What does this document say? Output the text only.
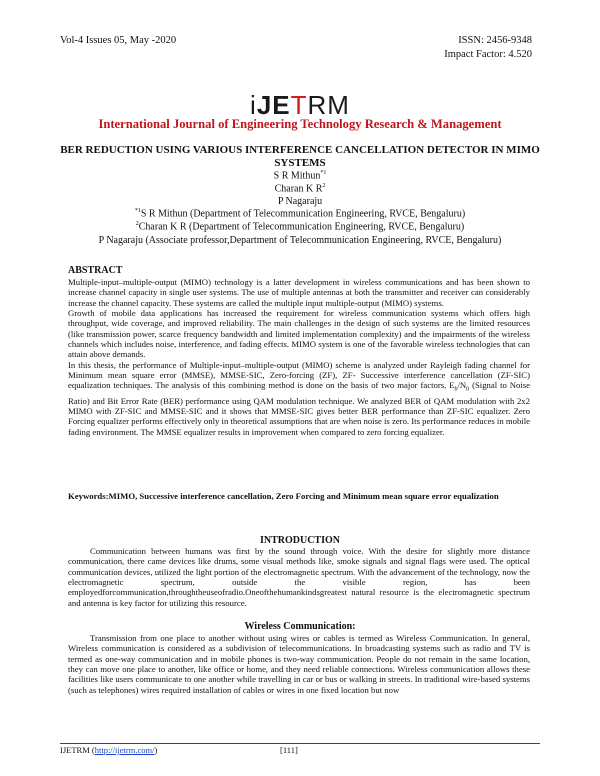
Vol-4 Issues 05, May -2020	ISSN: 2456-9348
Impact Factor: 4.520
iJETRM
International Journal of Engineering Technology Research & Management
BER REDUCTION USING VARIOUS INTERFERENCE CANCELLATION DETECTOR IN MIMO SYSTEMS
S R Mithun$^{*1}$
Charan K $R^2$
P Nagaraju
$^{*1}$S R Mithun (Department of Telecommunication Engineering, RVCE, Bengaluru)
$^2$Charan K R (Department of Telecommunication Engineering, RVCE, Bengaluru)
P Nagaraju (Associate professor,Department of Telecommunication Engineering, RVCE, Bengaluru)
ABSTRACT

Multiple-input–multiple-output (MIMO) technology is a latter development in wireless communications and has been shown to increase channel capacity in single user systems. The use of multiple antennas at both the transmitter and receiver can considerably increase the channel capacity. These systems are called the multiple input multiple-output (MIMO) systems.

Growth of mobile data applications has increased the requirement for wireless communication systems which offers high throughput, wide coverage, and improved reliability. The main challenges in the design of such systems are the limited resources (like transmission power, scarce frequency bandwidth and limited implementation complexity) and the impairments of the wireless channels which includes noise, interference, and fading effects. MIMO system is one of the favorable wireless technologies that can attain above demands.

In this thesis, the performance of Multiple-input–multiple-output (MIMO) scheme is analyzed under Rayleigh fading channel for Minimum mean square error (MMSE), MMSE-SIC, Zero-forcing (ZF), ZF- Successive interference cancellation (ZF-SIC) equalization techniques. The analysis of this combining method is done on the basis of two major factors, $E_b/N_0$ (Signal to Noise Ratio) and Bit Error Rate (BER) performance using QAM modulation technique. We analyzed BER of QAM modulation with 2x2 MIMO with ZF-SIC and MMSE-SIC and it shows that MMSE-SIC gives better BER performance than ZF-SIC equalizer. Zero Forcing equalizer performs effectively only in theoretical assumptions that are when noise is zero. Its performance reduces in mobile fading environment. The MMSE equalizer results in improvement when compared to zero forcing equalizer.

Keywords:MIMO, Successive interference cancellation, Zero Forcing and Minimum mean square error equalization
INTRODUCTION
Communication between humans was first by the sound through voice. With the desire for slightly more distance communication, there came devices like drums, some visual methods like, smoke signals and signal flags were used. The optical communication devices, utilized the light portion of the electromagnetic spectrum. With the advancement of the technology, now the electromagnetic spectrum, outside the visible region, has been employedforcommunication,throughtheuseofradio.Oneofthehumankindsgreatest natural resource is the electromagnetic spectrum and antenna is key factor for utilizing this resource.
Wireless Communication:
Transmission from one place to another without using wires or cables is termed as Wireless Communication. In general, Wireless communication is considered as a subdivision of telecommunications. In broadcasting systems such as radio and TV is termed as one-way communication and in mobile phones is two-way communication. People do not remain in the same location, they can move one place to another, like office or home, and they need reliable connections. Wireless communication allows these facilities like users communicate to one another while travelling in car or bus or walking in streets. In traditional wire-based systems (such as telephones) wires required installation of cables or wires in one fixed location but now
IJETRM (http://ijetrm.com/)	[111]
